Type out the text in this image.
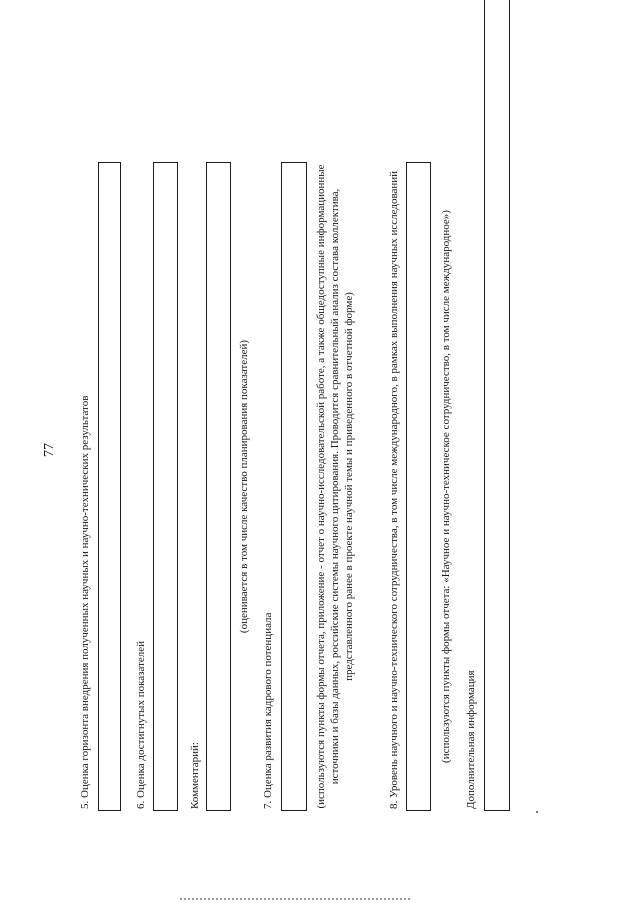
77 5. Оценка горизонта внедрения полученных научных и научно-технических результатов	6. Оценка достигнутых показателей	Комментарий:
(оценивается в том числе качество планирования показателей)
7. Оценка развития кадрового потенциала	(используются пункты формы отчета, приложение - отчет о научно-исследовательской работе, а также общедоступные информационные источники и базы данных, российские системы научного цитирования. Проводится сравнительный анализ состава коллектива, представленного ранее в проекте научной темы и приведенного в отчетной форме)	8. Уровень научного и научно-технического сотрудничества, в том числе международного, в рамках выполнения научных исследований	(используются пункты формы отчета: «Научное и научно-техническое сотрудничество, в том числе международное») Дополнительная информация
